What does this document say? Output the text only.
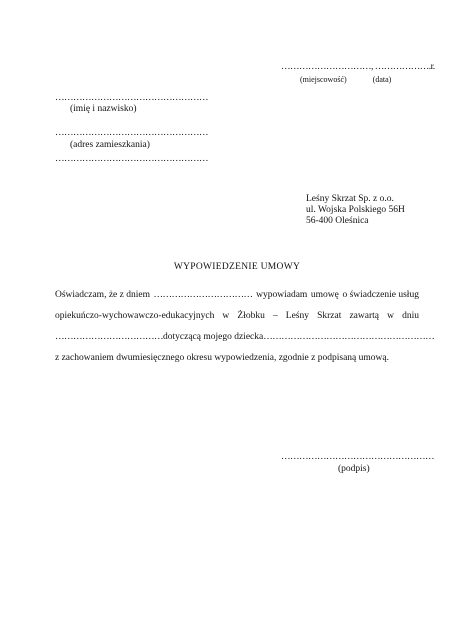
…………………………, ……………….r.
(miejscowość)	(data)
……………………………………………
(imię i nazwisko)
……………………………………………
(adres zamieszkania)
……………………………………………
Leśny Skrzat Sp. z o.o.
ul. Wojska Polskiego 56H
56-400 Oleśnica
WYPOWIEDZENIE UMOWY
Oświadczam, że z dniem …………………………… wypowiadam umowę o świadczenie usług
opiekuńczo-wychowawczo-edukacyjnych w Żłobku – Leśny Skrzat zawartą w dniu
……………………………… dotyczącą mojego dziecka …………………………………………………
z zachowaniem dwumiesięcznego okresu wypowiedzenia, zgodnie z podpisaną umową.
……………………………………………
(podpis)
